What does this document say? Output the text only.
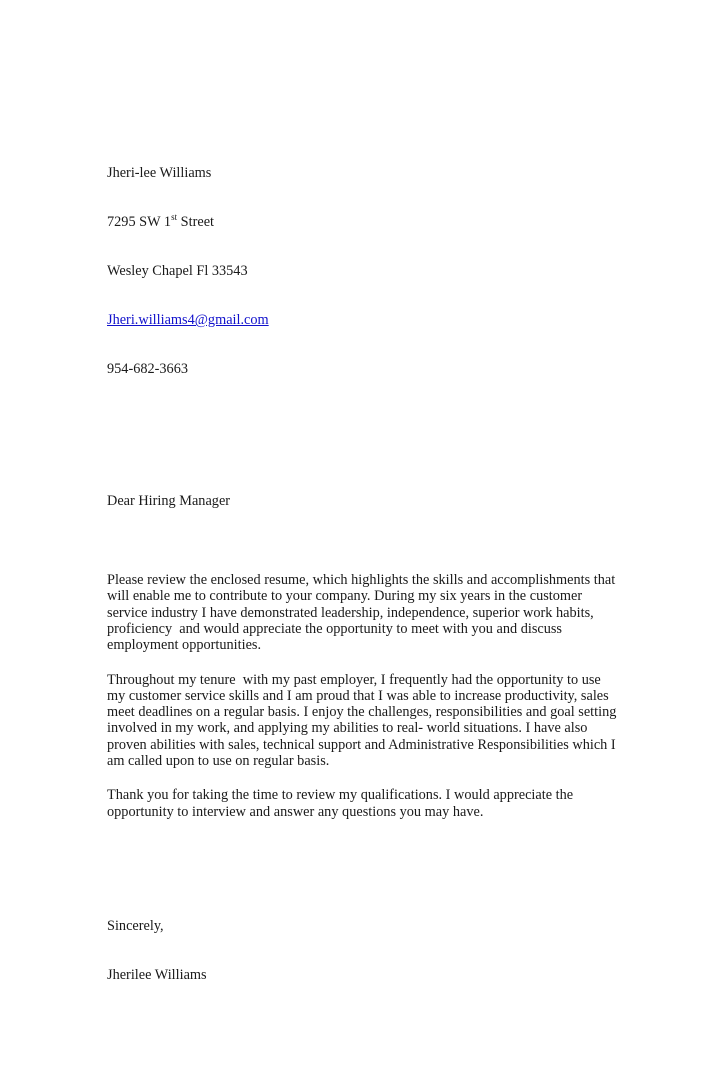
Jheri-lee Williams

7295 SW 1st Street

Wesley Chapel Fl 33543

Jheri.williams4@gmail.com

954-682-3663

Dear Hiring Manager

Please review the enclosed resume, which highlights the skills and accomplishments that
will enable me to contribute to your company. During my six years in the customer
service industry I have demonstrated leadership, independence, superior work habits,
proficiency  and would appreciate the opportunity to meet with you and discuss
employment opportunities.
Throughout my tenure  with my past employer, I frequently had the opportunity to use
my customer service skills and I am proud that I was able to increase productivity, sales
meet deadlines on a regular basis. I enjoy the challenges, responsibilities and goal setting
involved in my work, and applying my abilities to real- world situations. I have also
proven abilities with sales, technical support and Administrative Responsibilities which I
am called upon to use on regular basis.
Thank you for taking the time to review my qualifications. I would appreciate the
opportunity to interview and answer any questions you may have.

Sincerely,

Jherilee Williams
